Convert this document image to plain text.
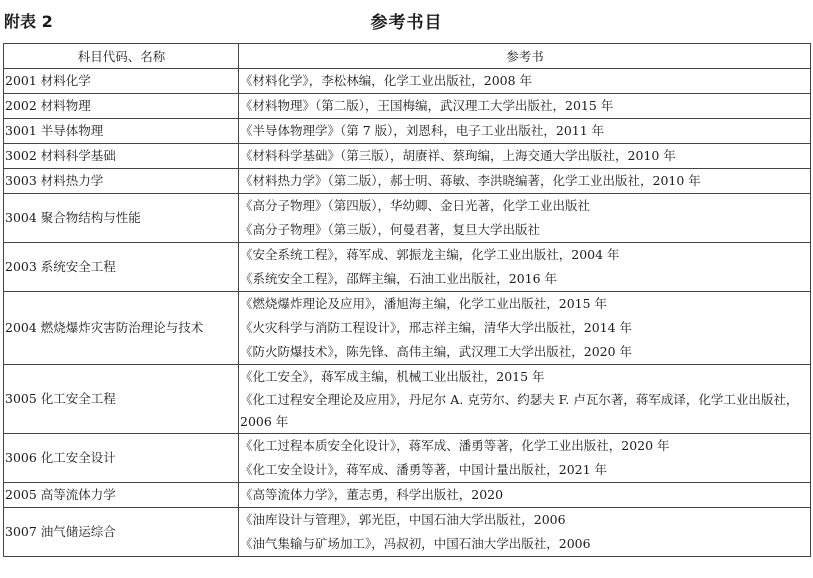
附表 2	参考书目
科目代码、名称	参考书
2001 材料化学	《材料化学》，李松林编，化学工业出版社，2008 年

2002 材料物理	《材料物理》（第二版），王国梅编，武汉理工大学出版社，2015 年

3001 半导体物理	《半导体物理学》（第 7 版），刘恩科，电子工业出版社，2011 年

3002 材料科学基础	《材料科学基础》（第三版），胡赓祥、蔡珣编，上海交通大学出版社，2010 年

3003 材料热力学	《材料热力学》（第二版），郝士明、蒋敏、李洪晓编著，化学工业出版社，2010 年

3004 聚合物结构与性能	《高分子物理》（第四版），华幼卿、金日光著，化学工业出版社
《高分子物理》（第三版），何曼君著，复旦大学出版社

2003 系统安全工程	《安全系统工程》，蒋军成、郭振龙主编，化学工业出版社，2004 年
《系统安全工程》，邵辉主编，石油工业出版社，2016 年

2004 燃烧爆炸灾害防治理论与技术	《燃烧爆炸理论及应用》，潘旭海主编，化学工业出版社，2015 年
《火灾科学与消防工程设计》，邢志祥主编，清华大学出版社，2014 年
《防火防爆技术》，陈先锋、高伟主编，武汉理工大学出版社，2020 年

3005 化工安全工程	《化工安全》，蒋军成主编，机械工业出版社，2015 年
《化工过程安全理论及应用》，丹尼尔 A. 克劳尔、约瑟夫 F. 卢瓦尔著，蒋军成译，化学工业出版社，2006 年

3006 化工安全设计	《化工过程本质安全化设计》，蒋军成、潘勇等著，化学工业出版社，2020 年
《化工安全设计》，蒋军成、潘勇等著，中国计量出版社，2021 年

2005 高等流体力学	《高等流体力学》，董志勇，科学出版社，2020

3007 油气储运综合	《油库设计与管理》，郭光臣，中国石油大学出版社，2006
《油气集输与矿场加工》，冯叔初，中国石油大学出版社，2006
